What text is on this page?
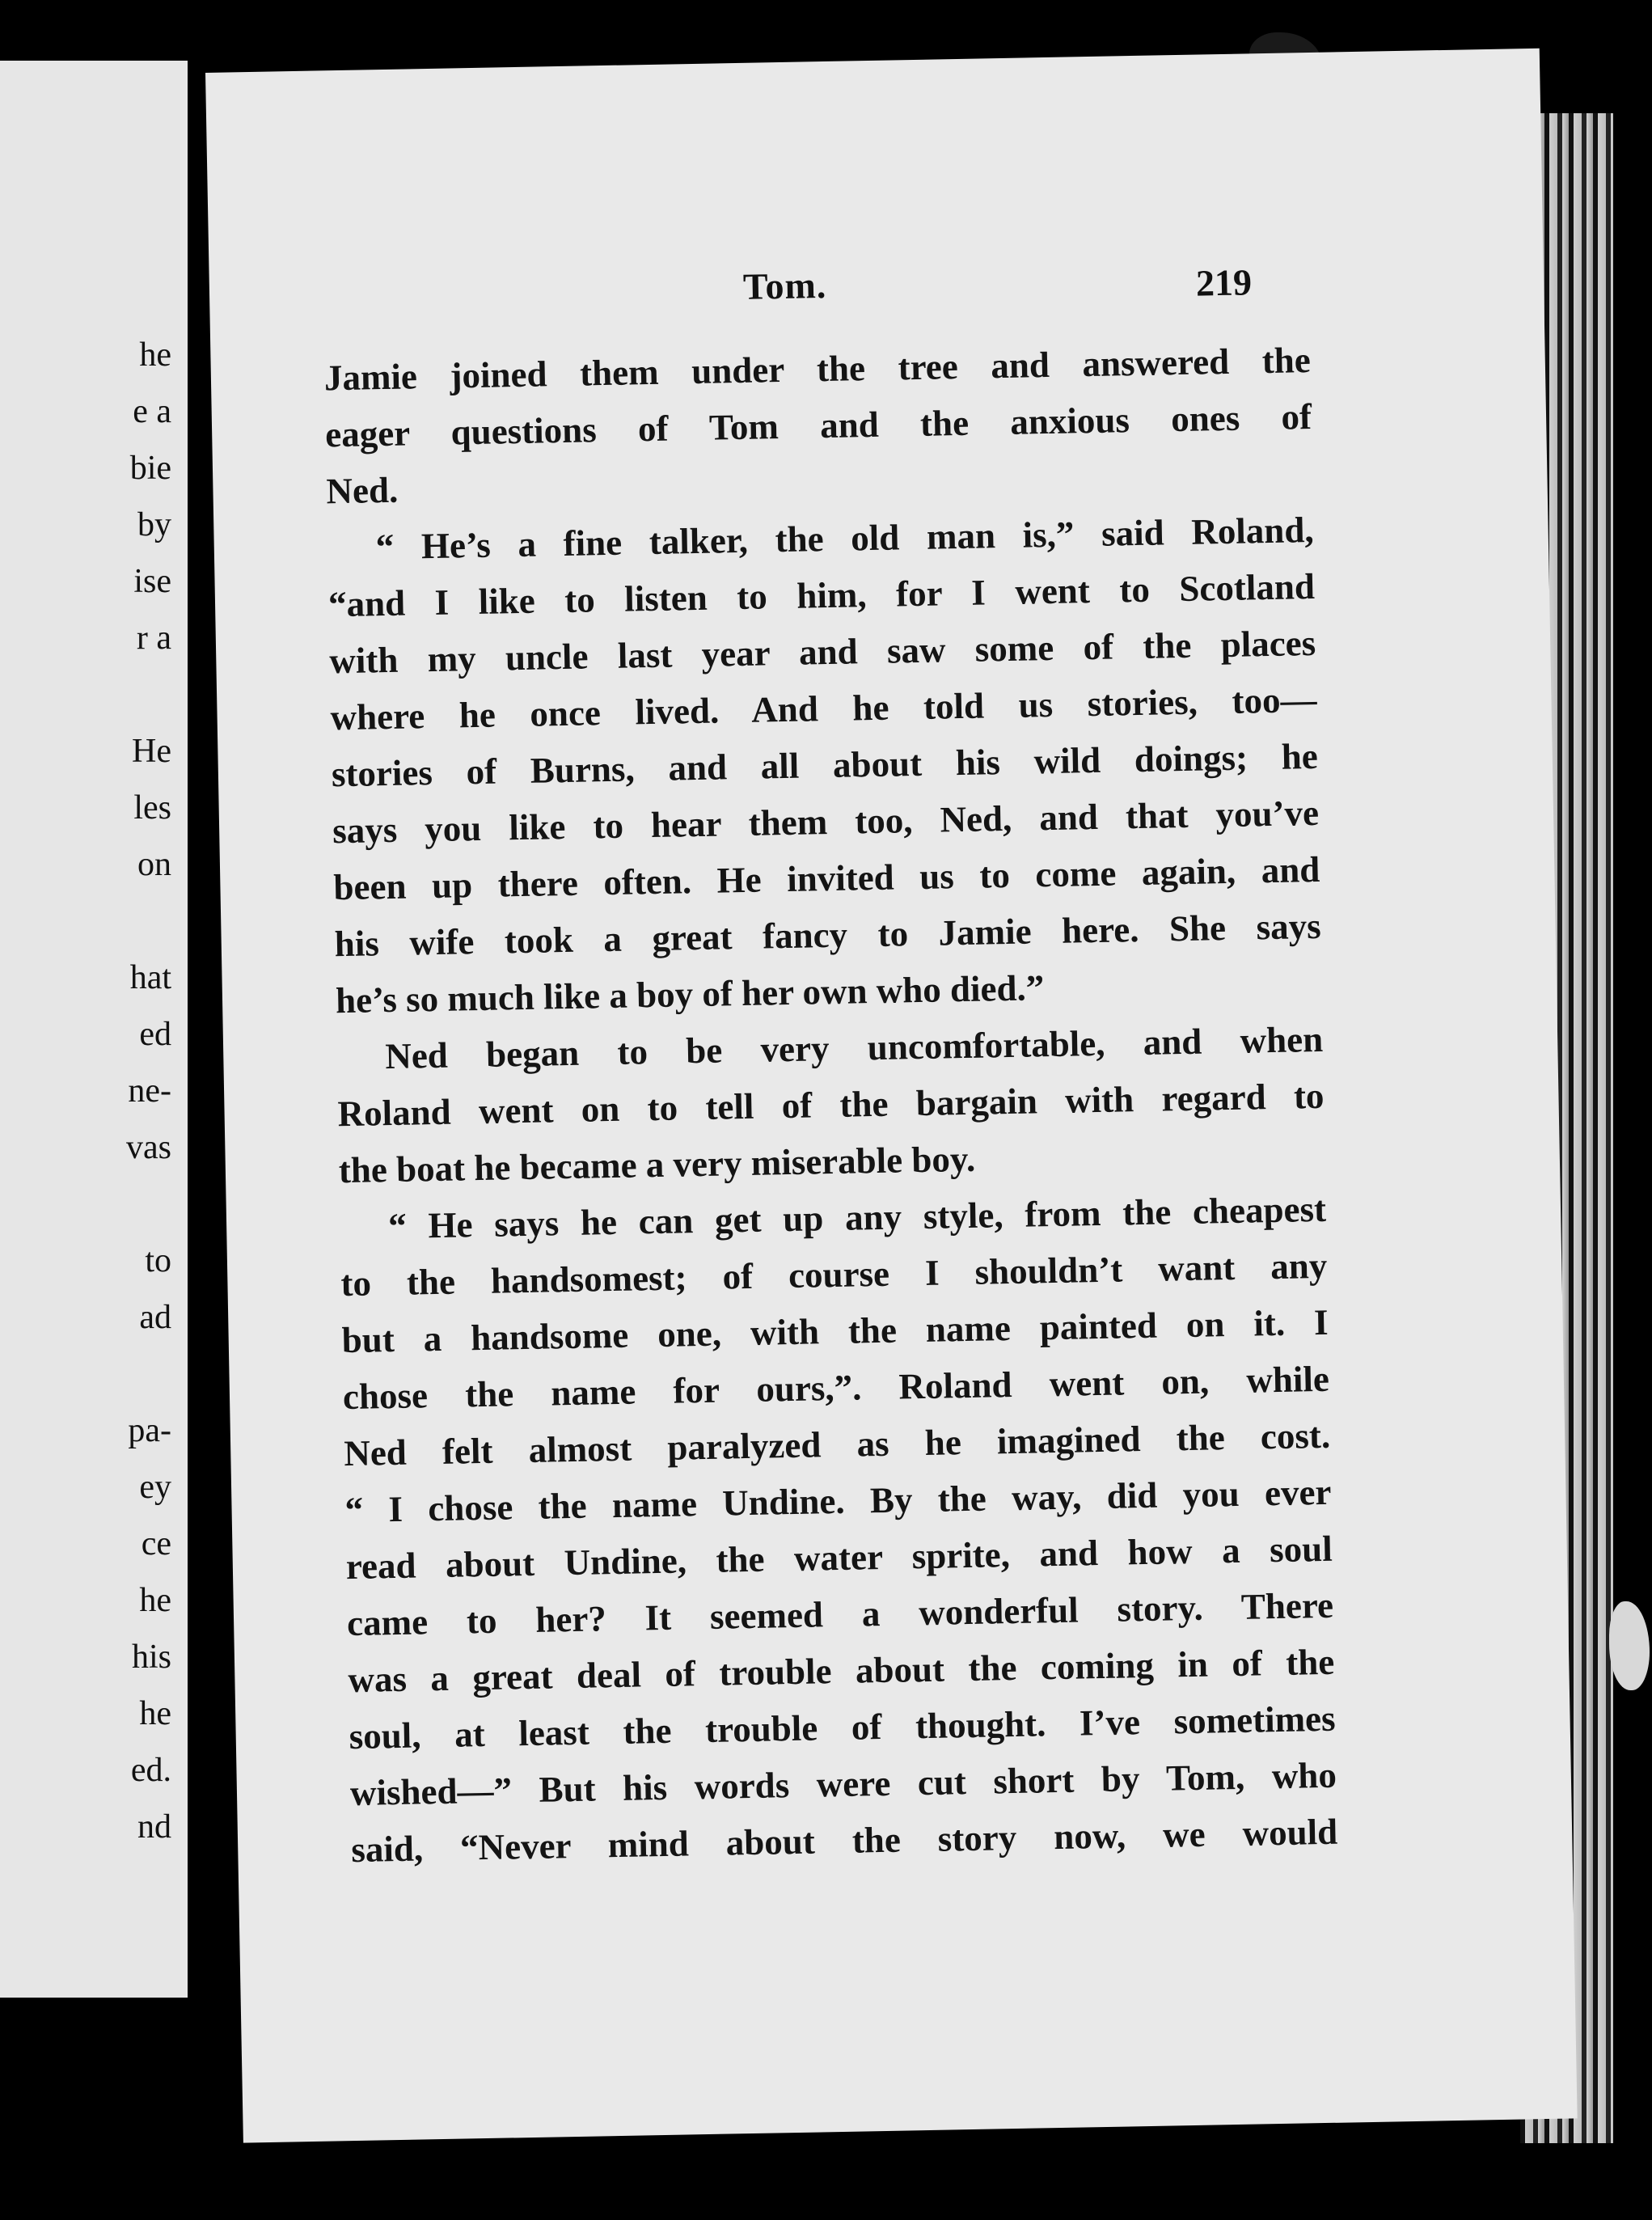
he
e a
bie
by
ise
r a
He
les
on
hat
ed
ne-
vas
to
ad
pa-
ey
ce
he
his
he
ed.
nd
Tom.	219
Jamie joined them under the tree and answered the
eager questions of Tom and the anxious ones of
Ned.
“ He’s a fine talker, the old man is,” said Roland,
“and I like to listen to him, for I went to Scotland
with my uncle last year and saw some of the places
where he once lived. And he told us stories, too—
stories of Burns, and all about his wild doings; he
says you like to hear them too, Ned, and that you’ve
been up there often. He invited us to come again, and
his wife took a great fancy to Jamie here. She says
he’s so much like a boy of her own who died.”
Ned began to be very uncomfortable, and when
Roland went on to tell of the bargain with regard to
the boat he became a very miserable boy.
“ He says he can get up any style, from the cheapest
to the handsomest; of course I shouldn’t want any
but a handsome one, with the name painted on it. I
chose the name for ours,”. Roland went on, while
Ned felt almost paralyzed as he imagined the cost.
“ I chose the name Undine. By the way, did you ever
read about Undine, the water sprite, and how a soul
came to her? It seemed a wonderful story. There
was a great deal of trouble about the coming in of the
soul, at least the trouble of thought. I’ve sometimes
wished—” But his words were cut short by Tom, who
said, “Never mind about the story now, we would
